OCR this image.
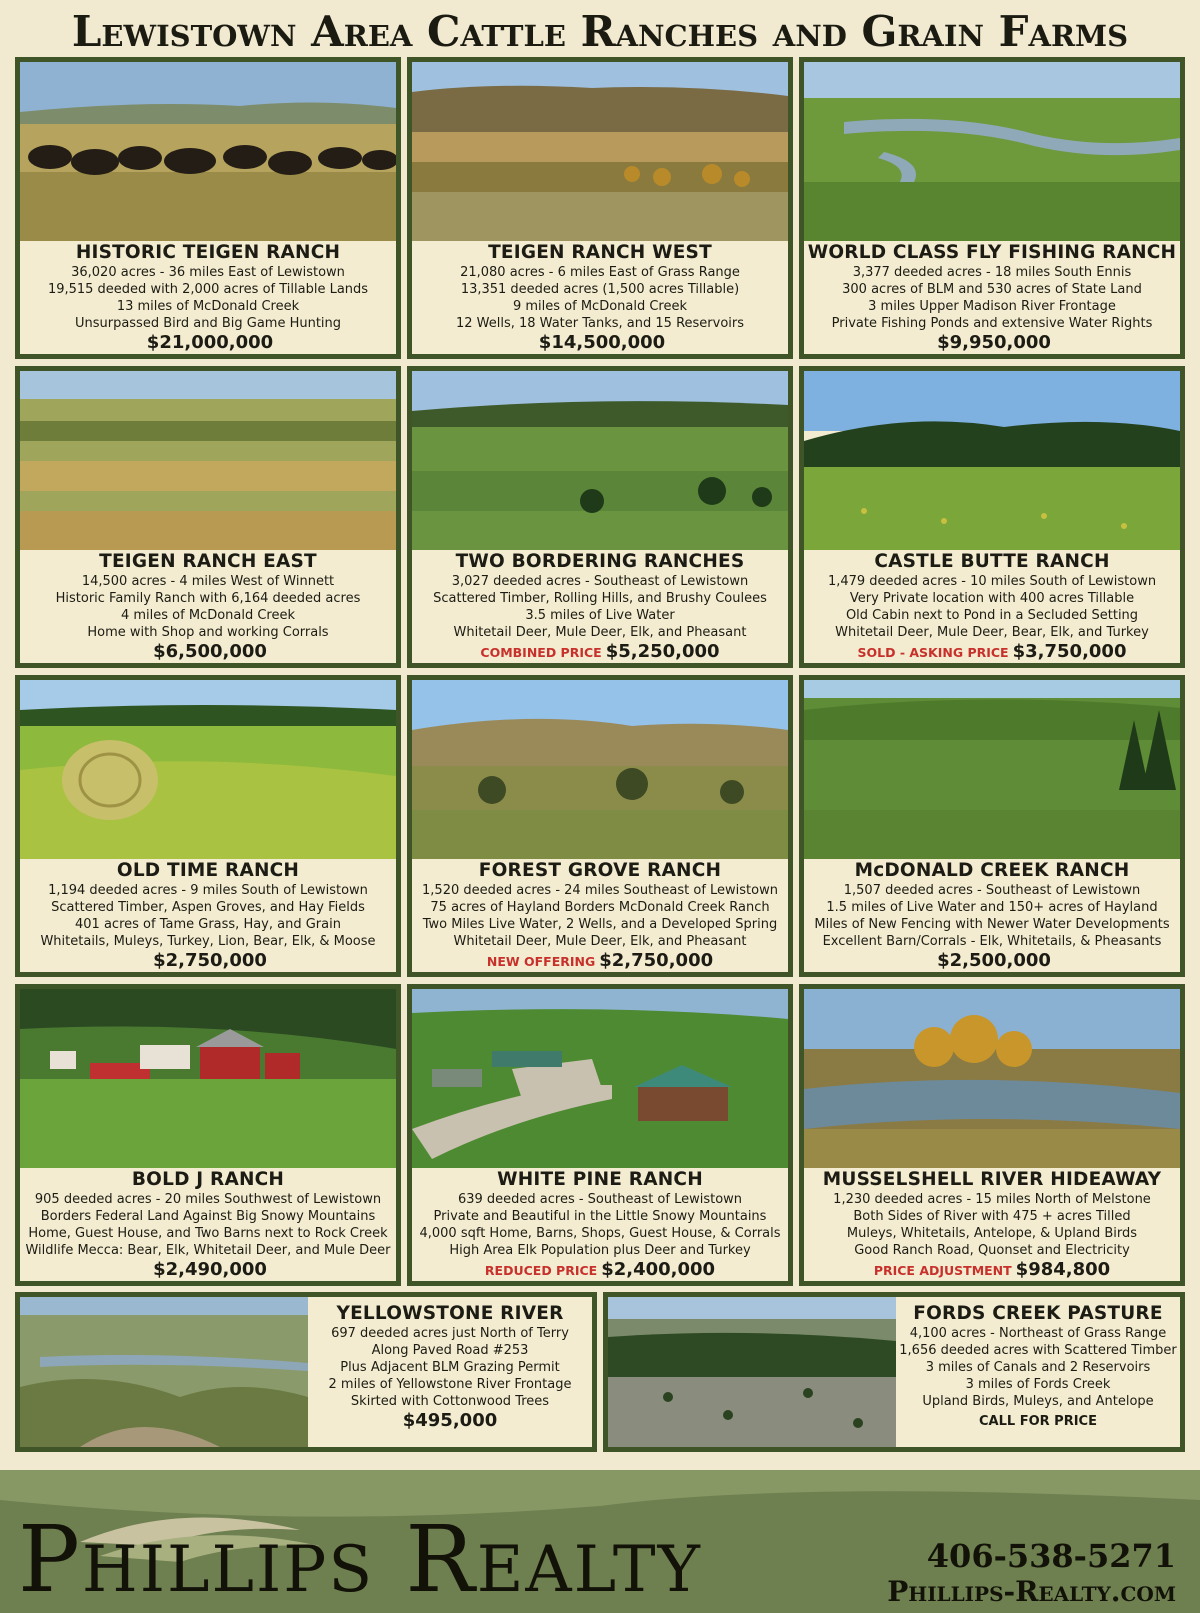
Lewistown Area Cattle Ranches and Grain Farms
HISTORIC TEIGEN RANCH
36,020 acres - 36 miles East of Lewistown
19,515 deeded with 2,000 acres of Tillable Lands
13 miles of McDonald Creek
Unsurpassed Bird and Big Game Hunting
$21,000,000
TEIGEN RANCH WEST
21,080 acres - 6 miles East of Grass Range
13,351 deeded acres (1,500 acres Tillable)
9 miles of McDonald Creek
12 Wells, 18 Water Tanks, and 15 Reservoirs
$14,500,000
WORLD CLASS FLY FISHING RANCH
3,377 deeded acres - 18 miles South Ennis
300 acres of BLM and 530 acres of State Land
3 miles Upper Madison River Frontage
Private Fishing Ponds and extensive Water Rights
$9,950,000
TEIGEN RANCH EAST
14,500 acres - 4 miles West of Winnett
Historic Family Ranch with 6,164 deeded acres
4 miles of McDonald Creek
Home with Shop and working Corrals
$6,500,000
TWO BORDERING RANCHES
3,027 deeded acres - Southeast of Lewistown
Scattered Timber, Rolling Hills, and Brushy Coulees
3.5 miles of Live Water
Whitetail Deer, Mule Deer, Elk, and Pheasant
COMBINED PRICE $5,250,000
CASTLE BUTTE RANCH
1,479 deeded acres - 10 miles South of Lewistown
Very Private location with 400 acres Tillable
Old Cabin next to Pond in a Secluded Setting
Whitetail Deer, Mule Deer, Bear, Elk, and Turkey
SOLD - ASKING PRICE $3,750,000
OLD TIME RANCH
1,194 deeded acres - 9 miles South of Lewistown
Scattered Timber, Aspen Groves, and Hay Fields
401 acres of Tame Grass, Hay, and Grain
Whitetails, Muleys, Turkey, Lion, Bear, Elk, & Moose
$2,750,000
FOREST GROVE RANCH
1,520 deeded acres - 24 miles Southeast of Lewistown
75 acres of Hayland Borders McDonald Creek Ranch
Two Miles Live Water, 2 Wells, and a Developed Spring
Whitetail Deer, Mule Deer, Elk, and Pheasant
NEW OFFERING $2,750,000
McDONALD CREEK RANCH
1,507 deeded acres - Southeast of Lewistown
1.5 miles of Live Water and 150+ acres of Hayland
Miles of New Fencing with Newer Water Developments
Excellent Barn/Corrals - Elk, Whitetails, & Pheasants
$2,500,000
BOLD J RANCH
905 deeded acres - 20 miles Southwest of Lewistown
Borders Federal Land Against Big Snowy Mountains
Home, Guest House, and Two Barns next to Rock Creek
Wildlife Mecca: Bear, Elk, Whitetail Deer, and Mule Deer
$2,490,000
WHITE PINE RANCH
639 deeded acres - Southeast of Lewistown
Private and Beautiful in the Little Snowy Mountains
4,000 sqft Home, Barns, Shops, Guest House, & Corrals
High Area Elk Population plus Deer and Turkey
REDUCED PRICE $2,400,000
MUSSELSHELL RIVER HIDEAWAY
1,230 deeded acres - 15 miles North of Melstone
Both Sides of River with 475 + acres Tilled
Muleys, Whitetails, Antelope, & Upland Birds
Good Ranch Road, Quonset and Electricity
PRICE ADJUSTMENT $984,800
YELLOWSTONE RIVER
697 deeded acres just North of Terry
Along Paved Road #253
Plus Adjacent BLM Grazing Permit
2 miles of Yellowstone River Frontage
Skirted with Cottonwood Trees
$495,000
FORDS CREEK PASTURE
4,100 acres - Northeast of Grass Range
1,656 deeded acres with Scattered Timber
3 miles of Canals and 2 Reservoirs
3 miles of Fords Creek
Upland Birds, Muleys, and Antelope
CALL FOR PRICE
Phillips Realty	406-538-5271
Phillips-Realty.com
